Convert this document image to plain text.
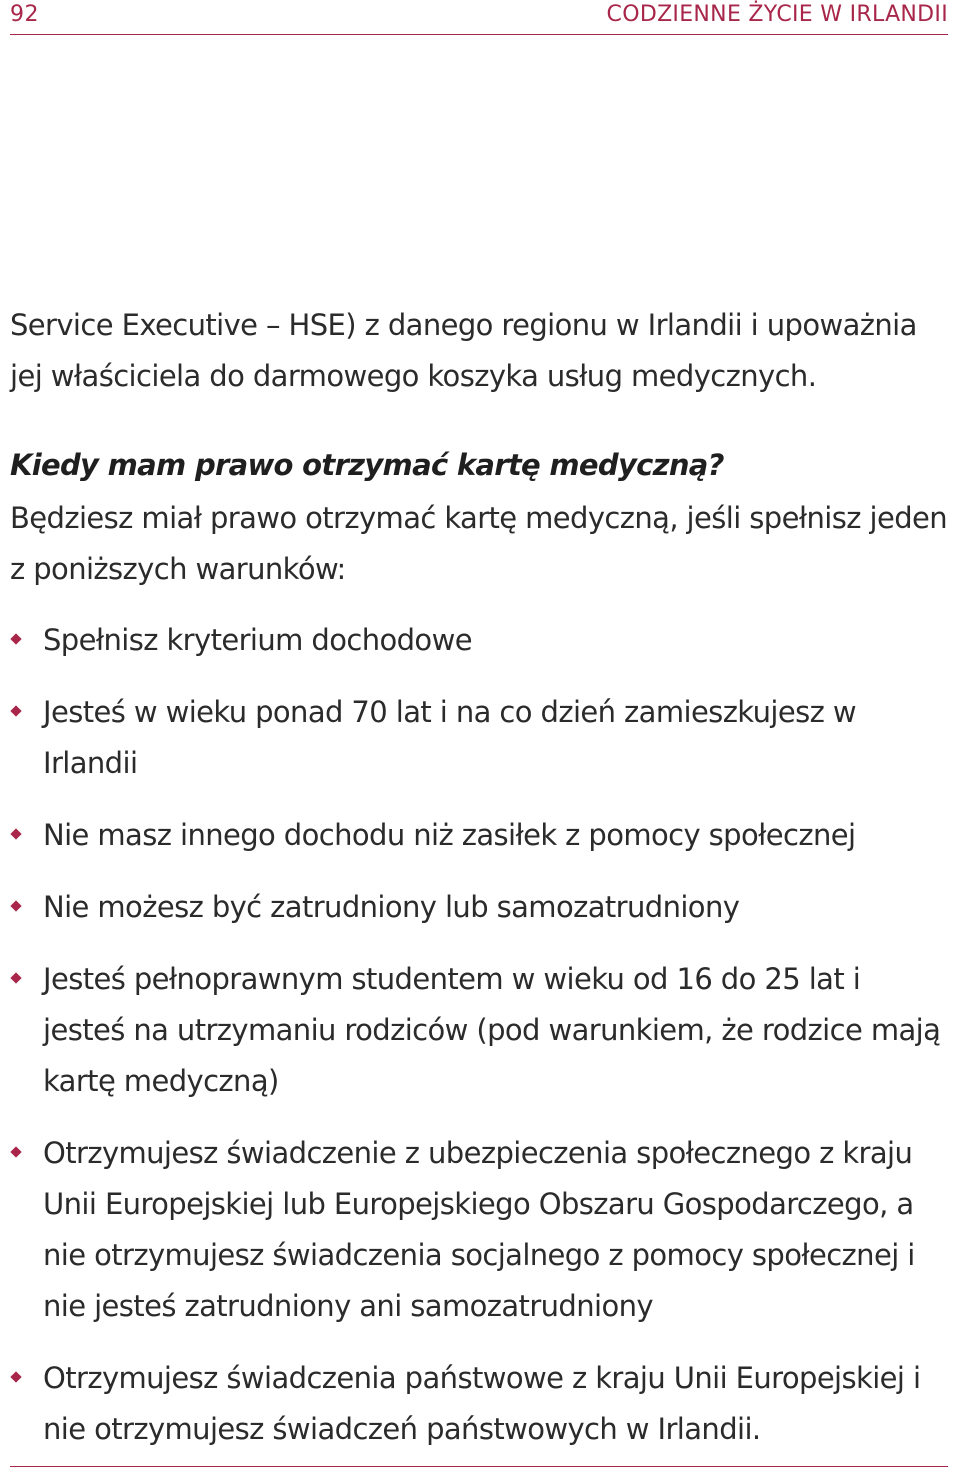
92	CODZIENNE ŻYCIE W IRLANDII

Service Executive – HSE) z danego regionu w Irlandii i upoważnia jej właściciela do darmowego koszyka usług medycznych.

Kiedy mam prawo otrzymać kartę medyczną?

Będziesz miał prawo otrzymać kartę medyczną, jeśli spełnisz jeden z poniższych warunków:

Spełnisz kryterium dochodowe
Jesteś w wieku ponad 70 lat i na co dzień zamieszkujesz w Irlandii
Nie masz innego dochodu niż zasiłek z pomocy społecznej
Nie możesz być zatrudniony lub samozatrudniony
Jesteś pełnoprawnym studentem w wieku od 16 do 25 lat i jesteś na utrzymaniu rodziców (pod warunkiem, że rodzice mają kartę medyczną)
Otrzymujesz świadczenie z ubezpieczenia społecznego z kraju Unii Europejskiej lub Europejskiego Obszaru Gospodarczego, a nie otrzymujesz świadczenia socjalnego z pomocy społecznej i nie jesteś zatrudniony ani samozatrudniony
Otrzymujesz świadczenia państwowe z kraju Unii Europejskiej i nie otrzymujesz świadczeń państwowych w Irlandii.
